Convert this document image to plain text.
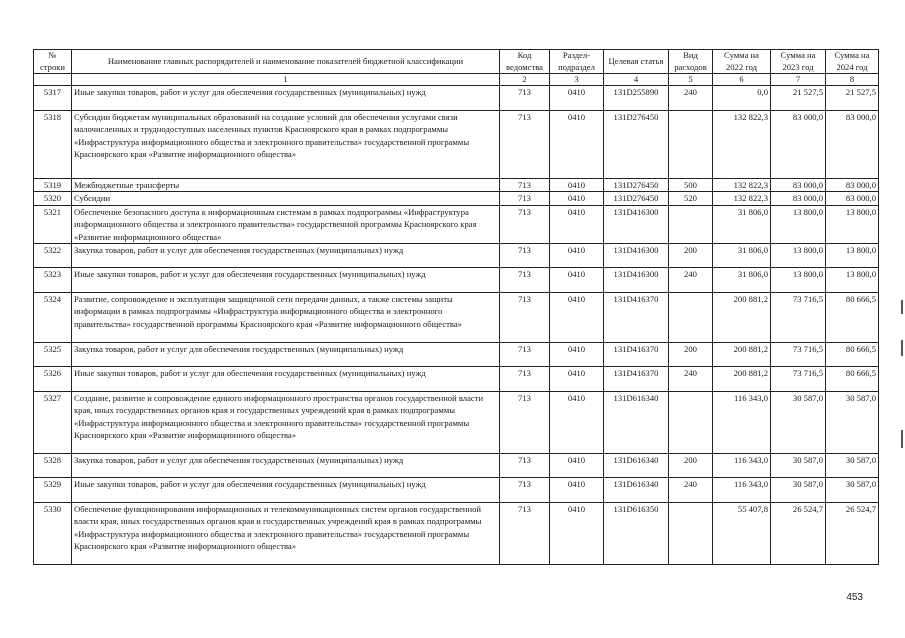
№ строки	Наименование главных распорядителей и наименование показателей бюджетной классификации	Код ведомства	Раздел-подраздел	Целевая статья	Вид расходов	Сумма на 2022 год	Сумма на 2023 год	Сумма на 2024 год
	1	2	3	4	5	6	7	8
5317	Иные закупки товаров, работ и услуг для обеспечения государственных (муниципальных) нужд	713	0410	131D255890	240	0,0	21 527,5	21 527,5
5318	Субсидии бюджетам муниципальных образований на создание условий для обеспечения услугами связи малочисленных и труднодоступных населенных пунктов Красноярского края в рамках подпрограммы «Инфраструктура информационного общества и электронного правительства» государственной программы Красноярского края «Развитие информационного общества»	713	0410	131D276450		132 822,3	83 000,0	83 000,0
5319	Межбюджетные трансферты	713	0410	131D276450	500	132 822,3	83 000,0	83 000,0
5320	Субсидии	713	0410	131D276450	520	132 822,3	83 000,0	83 000,0
5321	Обеспечение безопасного доступа к информационным системам в рамках подпрограммы «Инфраструктура информационного общества и электронного правительства» государственной программы Красноярского края «Развитие информационного общества»	713	0410	131D416300		31 806,0	13 800,0	13 800,0
5322	Закупка товаров, работ и услуг для обеспечения государственных (муниципальных) нужд	713	0410	131D416300	200	31 806,0	13 800,0	13 800,0
5323	Иные закупки товаров, работ и услуг для обеспечения государственных (муниципальных) нужд	713	0410	131D416300	240	31 806,0	13 800,0	13 800,0
5324	Развитие, сопровождение и эксплуатация защищенной сети передачи данных, а также системы защиты информации в рамках подпрограммы «Инфраструктура информационного общества и электронного правительства» государственной программы Красноярского края «Развитие информационного общества»	713	0410	131D416370		200 881,2	73 716,5	80 666,5
5325	Закупка товаров, работ и услуг для обеспечения государственных (муниципальных) нужд	713	0410	131D416370	200	200 881,2	73 716,5	80 666,5
5326	Иные закупки товаров, работ и услуг для обеспечения государственных (муниципальных) нужд	713	0410	131D416370	240	200 881,2	73 716,5	80 666,5
5327	Создание, развитие и сопровождение единого информационного пространства органов государственной власти края, иных государственных органов края и государственных учреждений края в рамках подпрограммы «Инфраструктура информационного общества и электронного правительства» государственной программы Красноярского края «Развитие информационного общества»	713	0410	131D616340		116 343,0	30 587,0	30 587,0
5328	Закупка товаров, работ и услуг для обеспечения государственных (муниципальных) нужд	713	0410	131D616340	200	116 343,0	30 587,0	30 587,0
5329	Иные закупки товаров, работ и услуг для обеспечения государственных (муниципальных) нужд	713	0410	131D616340	240	116 343,0	30 587,0	30 587,0
5330	Обеспечение функционирования информационных и телекоммуникационных систем органов государственной власти края, иных государственных органов края и государственных учреждений края в рамках подпрограммы «Инфраструктура информационного общества и электронного правительства» государственной программы Красноярского края «Развитие информационного общества»	713	0410	131D616350		55 407,8	26 524,7	26 524,7
453
